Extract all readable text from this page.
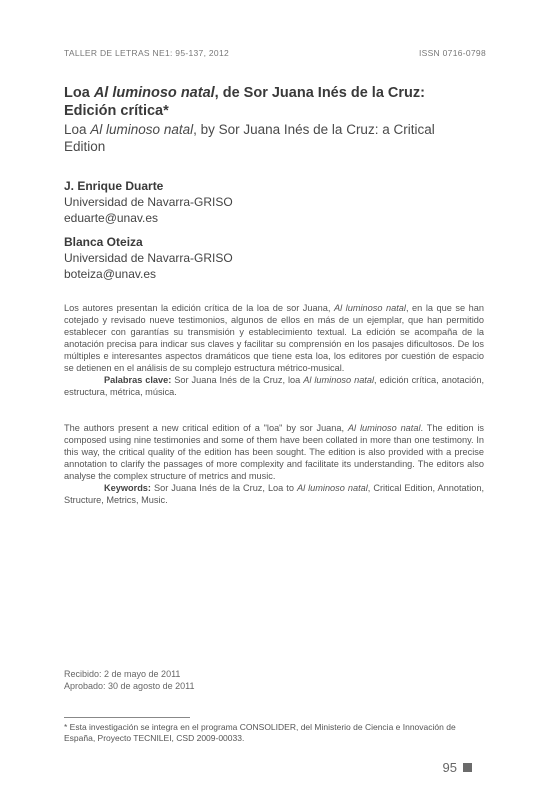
TALLER DE LETRAS NE1: 95-137, 2012	ISSN 0716-0798
Loa Al luminoso natal, de Sor Juana Inés de la Cruz: Edición crítica*
Loa Al luminoso natal, by Sor Juana Inés de la Cruz: a Critical Edition
J. Enrique Duarte
Universidad de Navarra-GRISO
eduarte@unav.es
Blanca Oteiza
Universidad de Navarra-GRISO
boteiza@unav.es

Los autores presentan la edición crítica de la loa de sor Juana, Al luminoso natal, en la que se han cotejado y revisado nueve testimonios, algunos de ellos en más de un ejemplar, que han permitido establecer con garantías su transmisión y establecimiento textual. La edición se acompaña de la anotación precisa para indicar sus claves y facilitar su comprensión en los pasajes dificultosos. De los múltiples e interesantes aspectos dramáticos que tiene esta loa, los editores por cuestión de espacio se detienen en el análisis de su complejo estructura métrico-musical.

Palabras clave: Sor Juana Inés de la Cruz, loa Al luminoso natal, edición crítica, anotación, estructura, métrica, música.

The authors present a new critical edition of a "loa" by sor Juana, Al luminoso natal. The edition is composed using nine testimonies and some of them have been collated in more than one testimony. In this way, the critical quality of the edition has been sought. The edition is also provided with a precise annotation to clarify the passages of more complexity and facilitate its understanding. The editors also analyse the complex structure of metrics and music.

Keywords: Sor Juana Inés de la Cruz, Loa to Al luminoso natal, Critical Edition, Annotation, Structure, Metrics, Music.

Recibido: 2 de mayo de 2011
Aprobado: 30 de agosto de 2011
* Esta investigación se integra en el programa CONSOLIDER, del Ministerio de Ciencia e Innovación de España, Proyecto TECNILEI, CSD 2009-00033.
95
